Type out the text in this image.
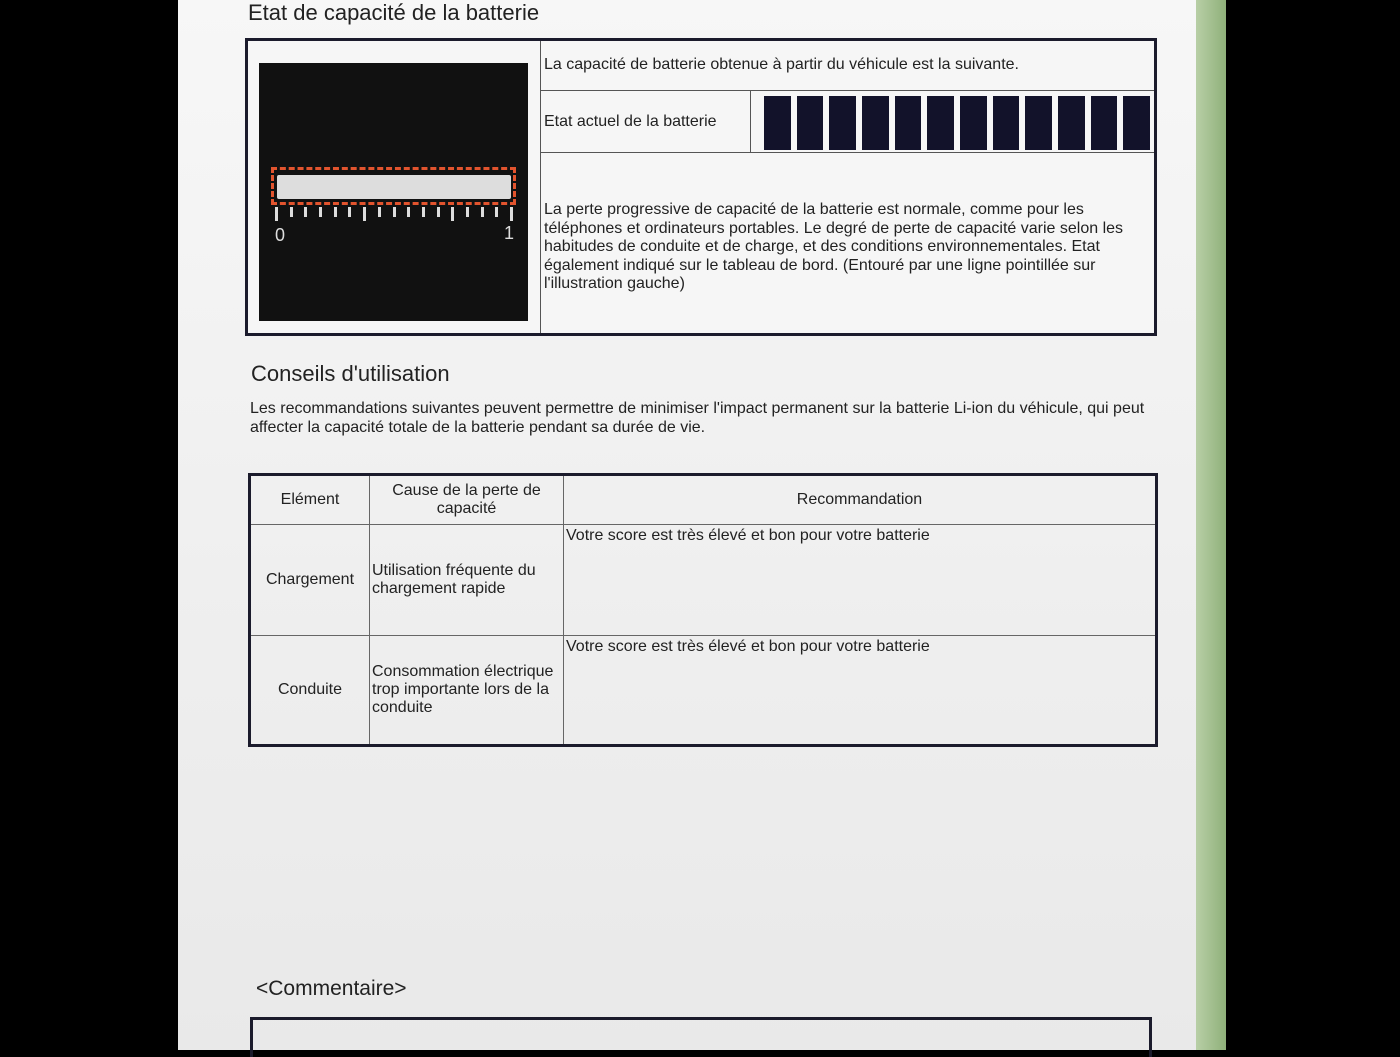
Etat de capacité de la batterie
0	1
La capacité de batterie obtenue à partir du véhicule est la suivante.
Etat actuel de la batterie
La perte progressive de capacité de la batterie est normale, comme pour les téléphones et ordinateurs portables. Le degré de perte de capacité varie selon les habitudes de conduite et de charge, et des conditions environnementales. Etat également indiqué sur le tableau de bord. (Entouré par une ligne pointillée sur l'illustration gauche)
Conseils d'utilisation
Les recommandations suivantes peuvent permettre de minimiser l'impact permanent sur la batterie Li-ion du véhicule, qui peut affecter la capacité totale de la batterie pendant sa durée de vie.
Elément	Cause de la perte de capacité	Recommandation
Chargement	Utilisation fréquente du chargement rapide	Votre score est très élevé et bon pour votre batterie
Conduite	Consommation électrique trop importante lors de la conduite	Votre score est très élevé et bon pour votre batterie
<Commentaire>
